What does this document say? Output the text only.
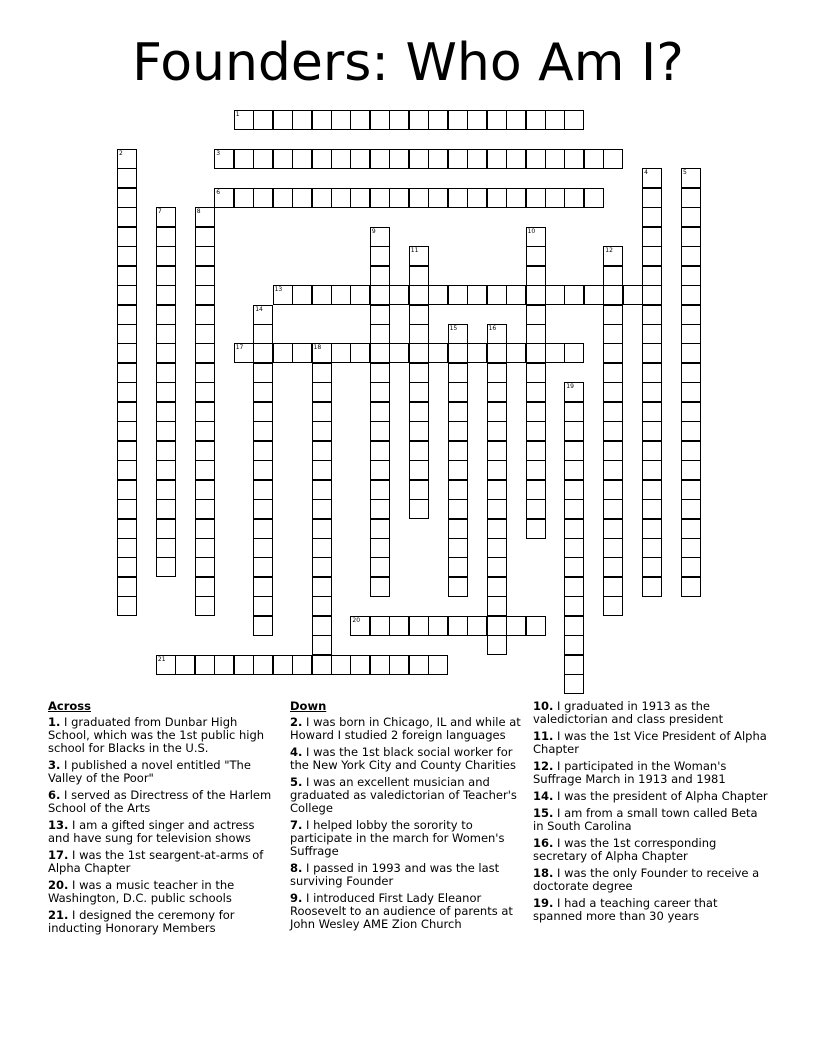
Founders: Who Am I?
1
2	3
4	5
6
7	8
9	10
11	12
13
14
15	16
17	18
19
20
21
Across
1. I graduated from Dunbar High School, which was the 1st public high school for Blacks in the U.S.
3. I published a novel entitled "The Valley of the Poor"
6. I served as Directress of the Harlem School of the Arts
13. I am a gifted singer and actress and have sung for television shows
17. I was the 1st seargent-at-arms of Alpha Chapter
20. I was a music teacher in the Washington, D.C. public schools
21. I designed the ceremony for inducting Honorary Members
Down
2. I was born in Chicago, IL and while at Howard I studied 2 foreign languages
4. I was the 1st black social worker for the New York City and County Charities
5. I was an excellent musician and graduated as valedictorian of Teacher's College
7. I helped lobby the sorority to participate in the march for Women's Suffrage
8. I passed in 1993 and was the last surviving Founder
9. I introduced First Lady Eleanor Roosevelt to an audience of parents at John Wesley AME Zion Church
10. I graduated in 1913 as the valedictorian and class president
11. I was the 1st Vice President of Alpha Chapter
12. I participated in the Woman's Suffrage March in 1913 and 1981
14. I was the president of Alpha Chapter
15. I am from a small town called Beta in South Carolina
16. I was the 1st corresponding secretary of Alpha Chapter
18. I was the only Founder to receive a doctorate degree
19. I had a teaching career that spanned more than 30 years
